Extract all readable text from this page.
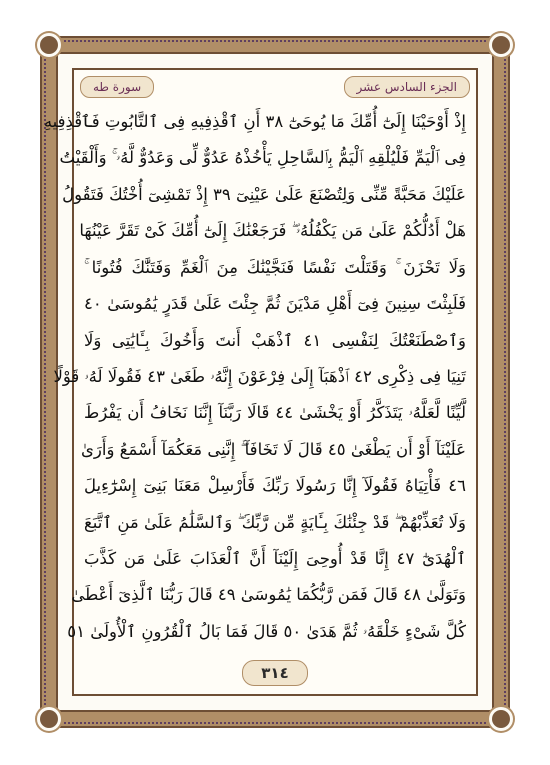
سورة طه	الجزء السادس عشر
إِذْ أَوْحَيْنَا إِلَىٰٓ أُمِّكَ مَا يُوحَىٰٓ ٣٨ أَنِ ٱقْذِفِيهِ فِى ٱلتَّابُوتِ فَٱقْذِفِيهِ
فِى ٱلْيَمِّ فَلْيُلْقِهِ ٱلْيَمُّ بِٱلسَّاحِلِ يَأْخُذْهُ عَدُوٌّ لِّى وَعَدُوٌّ لَّهُۥ ۚ وَأَلْقَيْتُ
عَلَيْكَ مَحَبَّةً مِّنِّى وَلِتُصْنَعَ عَلَىٰ عَيْنِىٓ ٣٩ إِذْ تَمْشِىٓ أُخْتُكَ فَتَقُولُ
هَلْ أَدُلُّكُمْ عَلَىٰ مَن يَكْفُلُهُۥ ۖ فَرَجَعْنَٰكَ إِلَىٰٓ أُمِّكَ كَىْ تَقَرَّ عَيْنُهَا
وَلَا تَحْزَنَ ۚ وَقَتَلْتَ نَفْسًا فَنَجَّيْنَٰكَ مِنَ ٱلْغَمِّ وَفَتَنَّٰكَ فُتُونًا ۚ
فَلَبِثْتَ سِنِينَ فِىٓ أَهْلِ مَدْيَنَ ثُمَّ جِئْتَ عَلَىٰ قَدَرٍ يَٰمُوسَىٰ ٤٠
وَٱصْطَنَعْتُكَ لِنَفْسِى ٤١ ٱذْهَبْ أَنتَ وَأَخُوكَ بِـَٔايَٰتِى وَلَا
تَنِيَا فِى ذِكْرِى ٤٢ ٱذْهَبَآ إِلَىٰ فِرْعَوْنَ إِنَّهُۥ طَغَىٰ ٤٣ فَقُولَا لَهُۥ قَوْلًا
لَّيِّنًا لَّعَلَّهُۥ يَتَذَكَّرُ أَوْ يَخْشَىٰ ٤٤ قَالَا رَبَّنَآ إِنَّنَا نَخَافُ أَن يَفْرُطَ
عَلَيْنَآ أَوْ أَن يَطْغَىٰ ٤٥ قَالَ لَا تَخَافَآ ۖ إِنَّنِى مَعَكُمَآ أَسْمَعُ وَأَرَىٰ
٤٦ فَأْتِيَاهُ فَقُولَآ إِنَّا رَسُولَا رَبِّكَ فَأَرْسِلْ مَعَنَا بَنِىٓ إِسْرَٰٓءِيلَ
وَلَا تُعَذِّبْهُمْ ۖ قَدْ جِئْنَٰكَ بِـَٔايَةٍ مِّن رَّبِّكَ ۖ وَٱلسَّلَٰمُ عَلَىٰ مَنِ ٱتَّبَعَ
ٱلْهُدَىٰٓ ٤٧ إِنَّا قَدْ أُوحِىَ إِلَيْنَآ أَنَّ ٱلْعَذَابَ عَلَىٰ مَن كَذَّبَ
وَتَوَلَّىٰ ٤٨ قَالَ فَمَن رَّبُّكُمَا يَٰمُوسَىٰ ٤٩ قَالَ رَبُّنَا ٱلَّذِىٓ أَعْطَىٰ
كُلَّ شَىْءٍ خَلْقَهُۥ ثُمَّ هَدَىٰ ٥٠ قَالَ فَمَا بَالُ ٱلْقُرُونِ ٱلْأُولَىٰ ٥١
٣١٤
